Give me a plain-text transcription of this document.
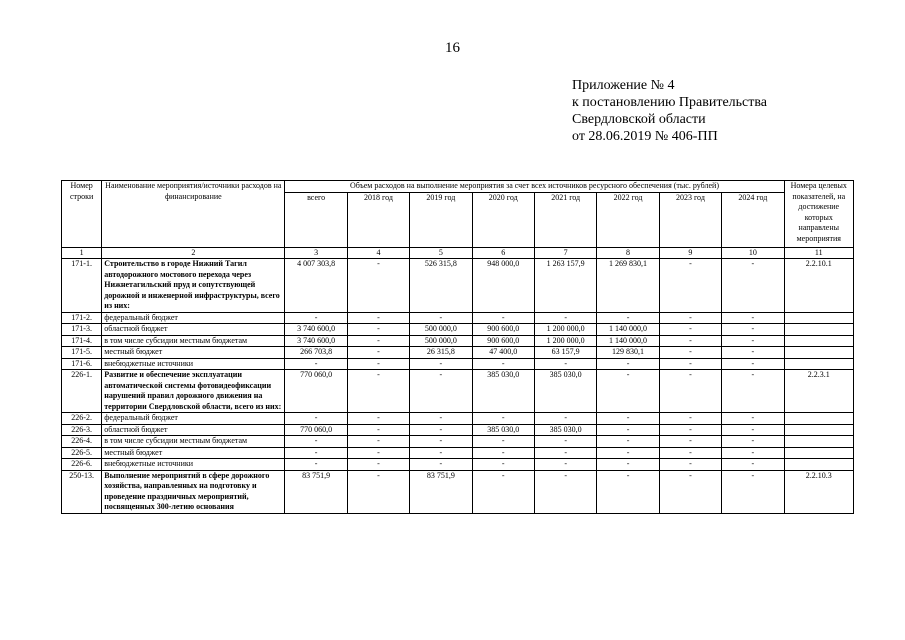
16
Приложение № 4
к постановлению Правительства
Свердловской области
от 28.06.2019 № 406-ПП
Номер строки	Наименование мероприятия/источники расходов на финансирование	Объем расходов на выполнение мероприятия за счет всех источников ресурсного обеспечения (тыс. рублей)								Номера целевых показателей, на достижение которых направлены мероприятия
		всего	2018 год	2019 год	2020 год	2021 год	2022 год	2023 год	2024 год	
1	2	3	4	5	6	7	8	9	10	11
171-1.	Строительство в городе Нижний Тагил автодорожного мостового перехода через Нижнетагильский пруд и сопутствующей дорожной и инженерной инфраструктуры, всего из них:	4 007 303,8	-	526 315,8	948 000,0	1 263 157,9	1 269 830,1	-	-	2.2.10.1
171-2.	федеральный бюджет	-	-	-	-	-	-	-	-	
171-3.	областной бюджет	3 740 600,0	-	500 000,0	900 600,0	1 200 000,0	1 140 000,0	-	-	
171-4.	в том числе субсидии местным бюджетам	3 740 600,0	-	500 000,0	900 600,0	1 200 000,0	1 140 000,0	-	-	
171-5.	местный бюджет	266 703,8	-	26 315,8	47 400,0	63 157,9	129 830,1	-	-	
171-6.	внебюджетные источники	-	-	-	-	-	-	-	-	
226-1.	Развитие и обеспечение эксплуатации автоматической системы фотовидеофиксации нарушений правил дорожного движения на территории Свердловской области, всего из них:	770 060,0	-	-	385 030,0	385 030,0	-	-	-	2.2.3.1
226-2.	федеральный бюджет	-	-	-	-	-	-	-	-	
226-3.	областной бюджет	770 060,0	-	-	385 030,0	385 030,0	-	-	-	
226-4.	в том числе субсидии местным бюджетам	-	-	-	-	-	-	-	-	
226-5.	местный бюджет	-	-	-	-	-	-	-	-	
226-6.	внебюджетные источники	-	-	-	-	-	-	-	-	
250-13.	Выполнение мероприятий в сфере дорожного хозяйства, направленных на подготовку и проведение праздничных мероприятий, посвященных 300-летию основания	83 751,9	-	83 751,9	-	-	-	-	-	2.2.10.3
